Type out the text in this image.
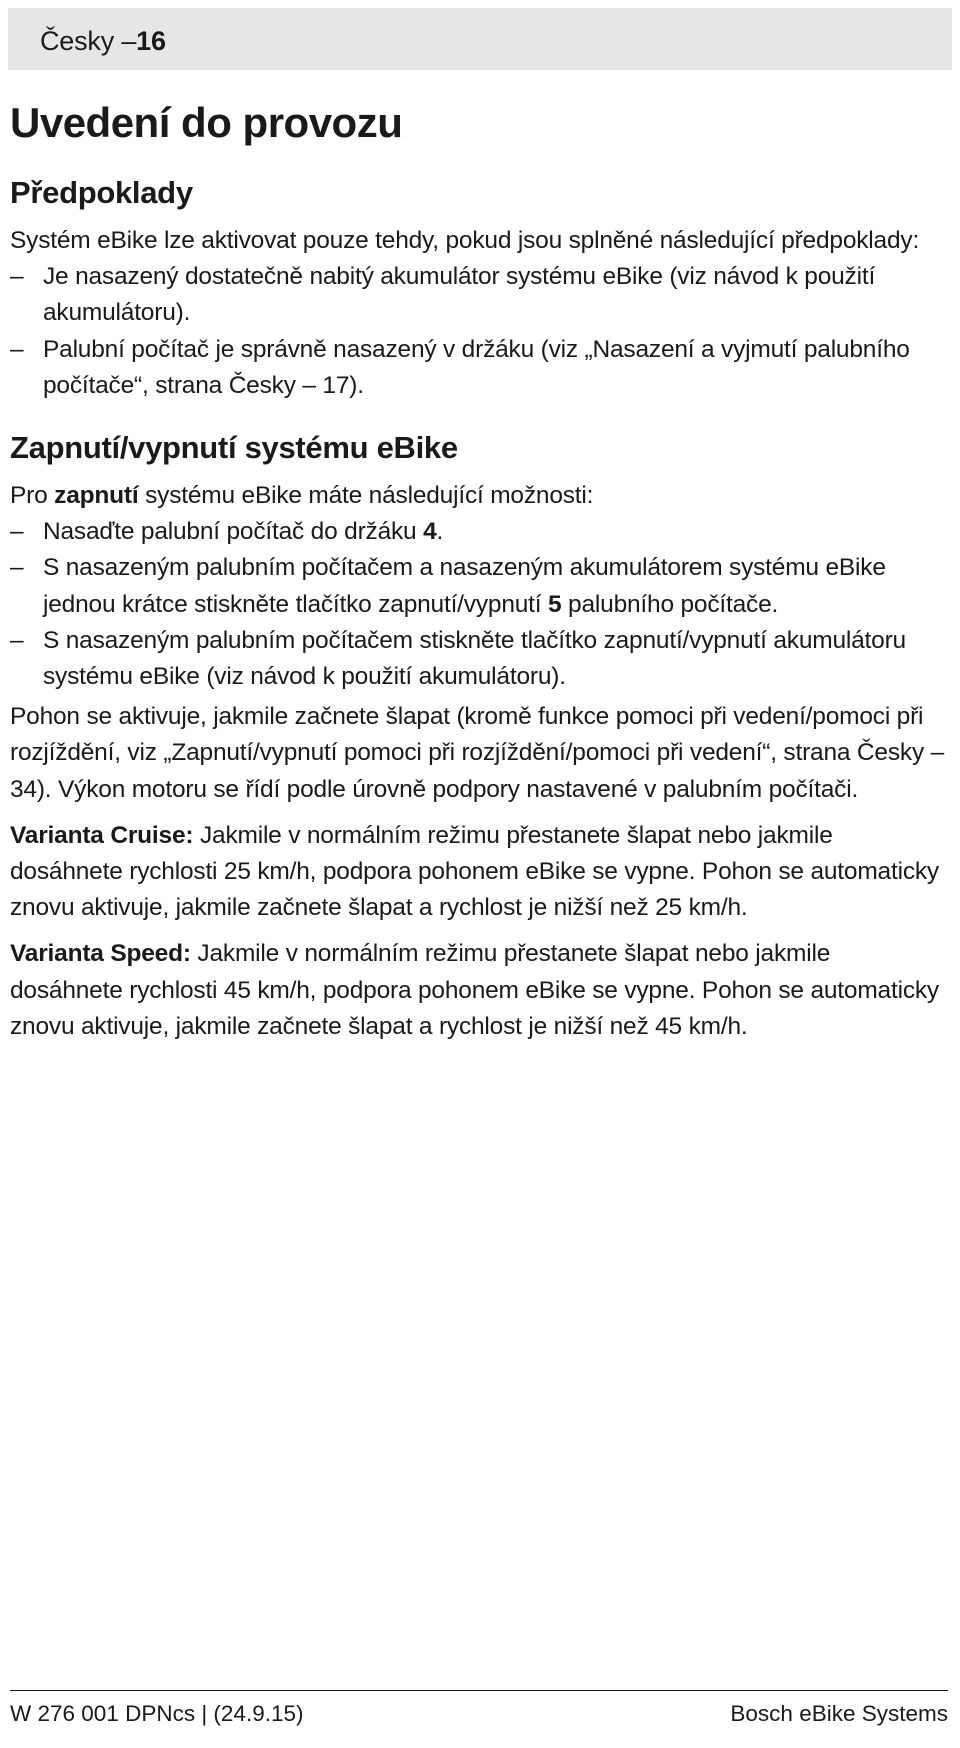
Česky –16
Uvedení do provozu
Předpoklady

Systém eBike lze aktivovat pouze tehdy, pokud jsou splněné následující předpoklady:

– Je nasazený dostatečně nabitý akumulátor systému eBike (viz návod k použití akumulátoru).
– Palubní počítač je správně nasazený v držáku (viz „Nasazení a vyjmutí palubního počítače“, strana Česky – 17).
Zapnutí/vypnutí systému eBike

Pro zapnutí systému eBike máte následující možnosti:

– Nasaďte palubní počítač do držáku 4.
– S nasazeným palubním počítačem a nasazeným akumulátorem systému eBike jednou krátce stiskněte tlačítko zapnutí/vypnutí 5 palubního počítače.
– S nasazeným palubním počítačem stiskněte tlačítko zapnutí/vypnutí akumulátoru systému eBike (viz návod k použití akumulátoru).

Pohon se aktivuje, jakmile začnete šlapat (kromě funkce pomoci při vedení/pomoci při rozjíždění, viz „Zapnutí/vypnutí pomoci při rozjíždění/pomoci při vedení“, strana Česky – 34). Výkon motoru se řídí podle úrovně podpory nastavené v palubním počítači.

Varianta Cruise: Jakmile v normálním režimu přestanete šlapat nebo jakmile dosáhnete rychlosti 25 km/h, podpora pohonem eBike se vypne. Pohon se automaticky znovu aktivuje, jakmile začnete šlapat a rychlost je nižší než 25 km/h.

Varianta Speed: Jakmile v normálním režimu přestanete šlapat nebo jakmile dosáhnete rychlosti 45 km/h, podpora pohonem eBike se vypne. Pohon se automaticky znovu aktivuje, jakmile začnete šlapat a rychlost je nižší než 45 km/h.

W 276 001 DPNcs | (24.9.15)	Bosch eBike Systems
